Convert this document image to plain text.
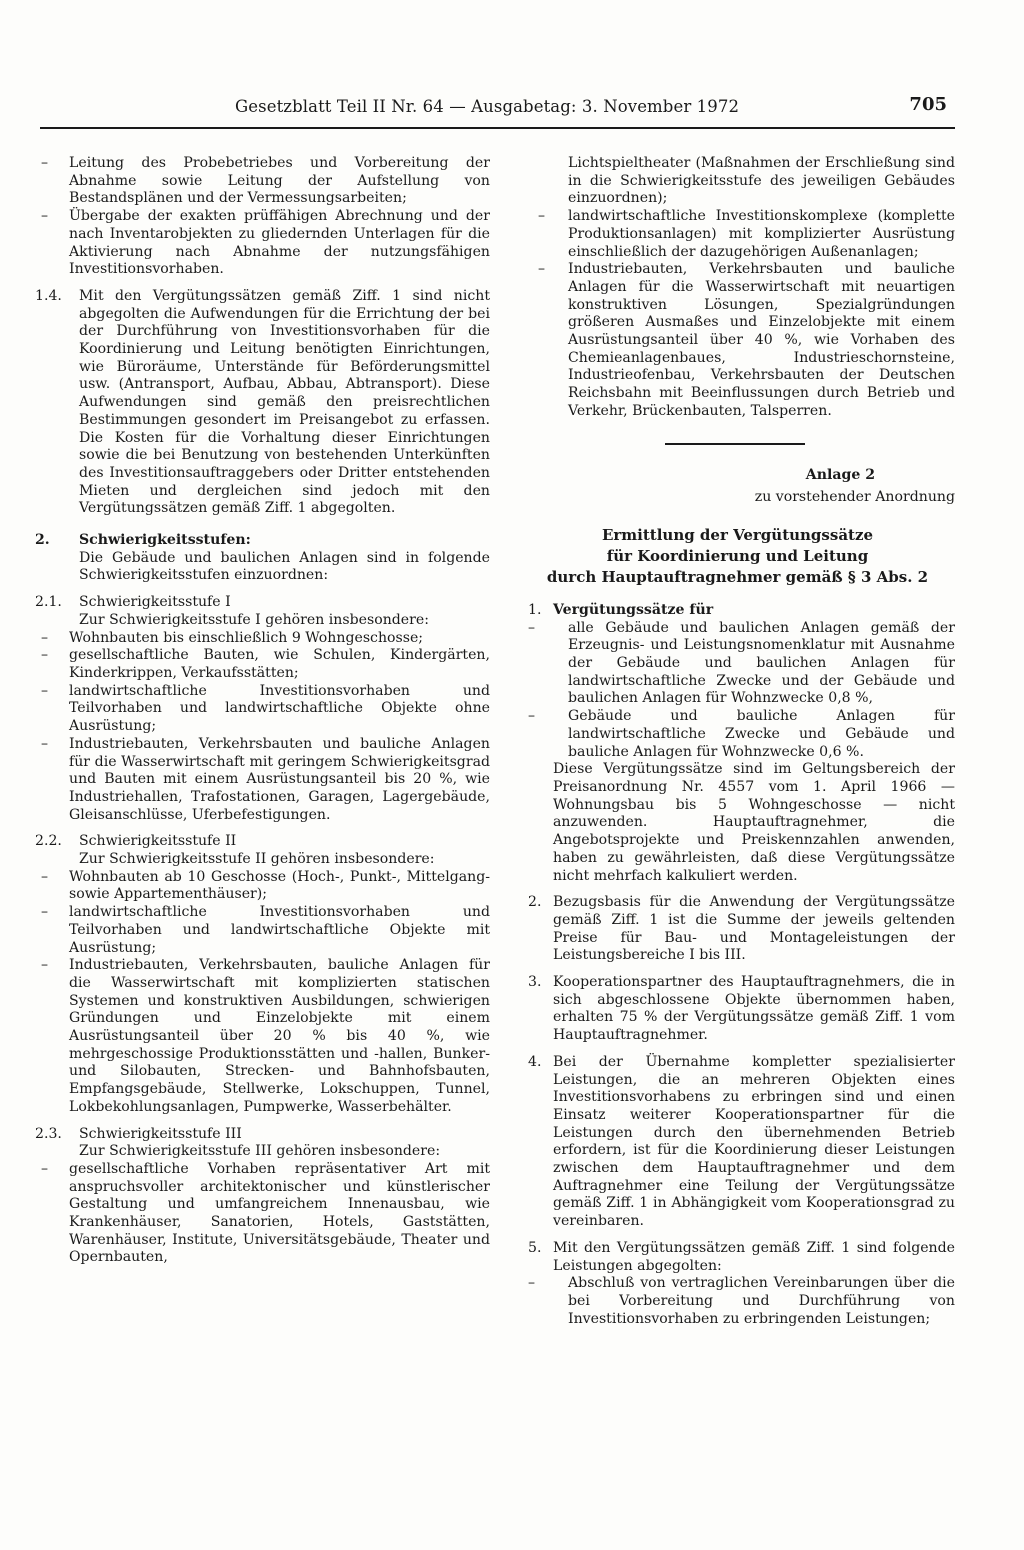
Gesetzblatt Teil II Nr. 64 — Ausgabetag: 3. November 1972	705

– Leitung des Probebetriebes und Vorbereitung der Abnahme sowie Leitung der Aufstellung von Bestandsplänen und der Vermessungsarbeiten;

– Übergabe der exakten prüffähigen Abrechnung und der nach Inventarobjekten zu gliedernden Unterlagen für die Aktivierung nach Abnahme der nutzungsfähigen Investitionsvorhaben.

1.4. Mit den Vergütungssätzen gemäß Ziff. 1 sind nicht abgegolten die Aufwendungen für die Errichtung der bei der Durchführung von Investitionsvorhaben für die Koordinierung und Leitung benötigten Einrichtungen, wie Büroräume, Unterstände für Beförderungsmittel usw. (Antransport, Aufbau, Abbau, Abtransport). Diese Aufwendungen sind gemäß den preisrechtlichen Bestimmungen gesondert im Preisangebot zu erfassen. Die Kosten für die Vorhaltung dieser Einrichtungen sowie die bei Benutzung von bestehenden Unterkünften des Investitionsauftraggebers oder Dritter entstehenden Mieten und dergleichen sind jedoch mit den Vergütungssätzen gemäß Ziff. 1 abgegolten.

2. Schwierigkeitsstufen:

Die Gebäude und baulichen Anlagen sind in folgende Schwierigkeitsstufen einzuordnen:

2.1. Schwierigkeitsstufe I

Zur Schwierigkeitsstufe I gehören insbesondere:

– Wohnbauten bis einschließlich 9 Wohngeschosse;

– gesellschaftliche Bauten, wie Schulen, Kindergärten, Kinderkrippen, Verkaufsstätten;

– landwirtschaftliche Investitionsvorhaben und Teilvorhaben und landwirtschaftliche Objekte ohne Ausrüstung;

– Industriebauten, Verkehrsbauten und bauliche Anlagen für die Wasserwirtschaft mit geringem Schwierigkeitsgrad und Bauten mit einem Ausrüstungsanteil bis 20 %, wie Industriehallen, Trafostationen, Garagen, Lagergebäude, Gleisanschlüsse, Uferbefestigungen.

2.2. Schwierigkeitsstufe II

Zur Schwierigkeitsstufe II gehören insbesondere:

– Wohnbauten ab 10 Geschosse (Hoch-, Punkt-, Mittelgang- sowie Appartementhäuser);

– landwirtschaftliche Investitionsvorhaben und Teilvorhaben und landwirtschaftliche Objekte mit Ausrüstung;

– Industriebauten, Verkehrsbauten, bauliche Anlagen für die Wasserwirtschaft mit komplizierten statischen Systemen und konstruktiven Ausbildungen, schwierigen Gründungen und Einzelobjekte mit einem Ausrüstungsanteil über 20 % bis 40 %, wie mehrgeschossige Produktionsstätten und -hallen, Bunker- und Silobauten, Strecken- und Bahnhofsbauten, Empfangsgebäude, Stellwerke, Lokschuppen, Tunnel, Lokbekohlungsanlagen, Pumpwerke, Wasserbehälter.

2.3. Schwierigkeitsstufe III

Zur Schwierigkeitsstufe III gehören insbesondere:

– gesellschaftliche Vorhaben repräsentativer Art mit anspruchsvoller architektonischer und künstlerischer Gestaltung und umfangreichem Innenausbau, wie Krankenhäuser, Sanatorien, Hotels, Gaststätten, Warenhäuser, Institute, Universitätsgebäude, Theater und Opernbauten,

Lichtspieltheater (Maßnahmen der Erschließung sind in die Schwierigkeitsstufe des jeweiligen Gebäudes einzuordnen);

– landwirtschaftliche Investitionskomplexe (komplette Produktionsanlagen) mit komplizierter Ausrüstung einschließlich der dazugehörigen Außenanlagen;

– Industriebauten, Verkehrsbauten und bauliche Anlagen für die Wasserwirtschaft mit neuartigen konstruktiven Lösungen, Spezialgründungen größeren Ausmaßes und Einzelobjekte mit einem Ausrüstungsanteil über 40 %, wie Vorhaben des Chemieanlagenbaues, Industrieschornsteine, Industrieofenbau, Verkehrsbauten der Deutschen Reichsbahn mit Beeinflussungen durch Betrieb und Verkehr, Brückenbauten, Talsperren.

Anlage 2

zu vorstehender Anordnung

Ermittlung der Vergütungssätze
für Koordinierung und Leitung
durch Hauptauftragnehmer gemäß § 3 Abs. 2
1. Vergütungssätze für

– alle Gebäude und baulichen Anlagen gemäß der Erzeugnis- und Leistungsnomenklatur mit Ausnahme der Gebäude und baulichen Anlagen für landwirtschaftliche Zwecke und der Gebäude und baulichen Anlagen für Wohnzwecke 0,8 %,

– Gebäude und bauliche Anlagen für landwirtschaftliche Zwecke und Gebäude und bauliche Anlagen für Wohnzwecke 0,6 %.

Diese Vergütungssätze sind im Geltungsbereich der Preisanordnung Nr. 4557 vom 1. April 1966 — Wohnungsbau bis 5 Wohngeschosse — nicht anzuwenden. Hauptauftragnehmer, die Angebotsprojekte und Preiskennzahlen anwenden, haben zu gewährleisten, daß diese Vergütungssätze nicht mehrfach kalkuliert werden.

2. Bezugsbasis für die Anwendung der Vergütungssätze gemäß Ziff. 1 ist die Summe der jeweils geltenden Preise für Bau- und Montageleistungen der Leistungsbereiche I bis III.

3. Kooperationspartner des Hauptauftragnehmers, die in sich abgeschlossene Objekte übernommen haben, erhalten 75 % der Vergütungssätze gemäß Ziff. 1 vom Hauptauftragnehmer.

4. Bei der Übernahme kompletter spezialisierter Leistungen, die an mehreren Objekten eines Investitionsvorhabens zu erbringen sind und einen Einsatz weiterer Kooperationspartner für die Leistungen durch den übernehmenden Betrieb erfordern, ist für die Koordinierung dieser Leistungen zwischen dem Hauptauftragnehmer und dem Auftragnehmer eine Teilung der Vergütungssätze gemäß Ziff. 1 in Abhängigkeit vom Kooperationsgrad zu vereinbaren.

5. Mit den Vergütungssätzen gemäß Ziff. 1 sind folgende Leistungen abgegolten:

– Abschluß von vertraglichen Vereinbarungen über die bei Vorbereitung und Durchführung von Investitionsvorhaben zu erbringenden Leistungen;
